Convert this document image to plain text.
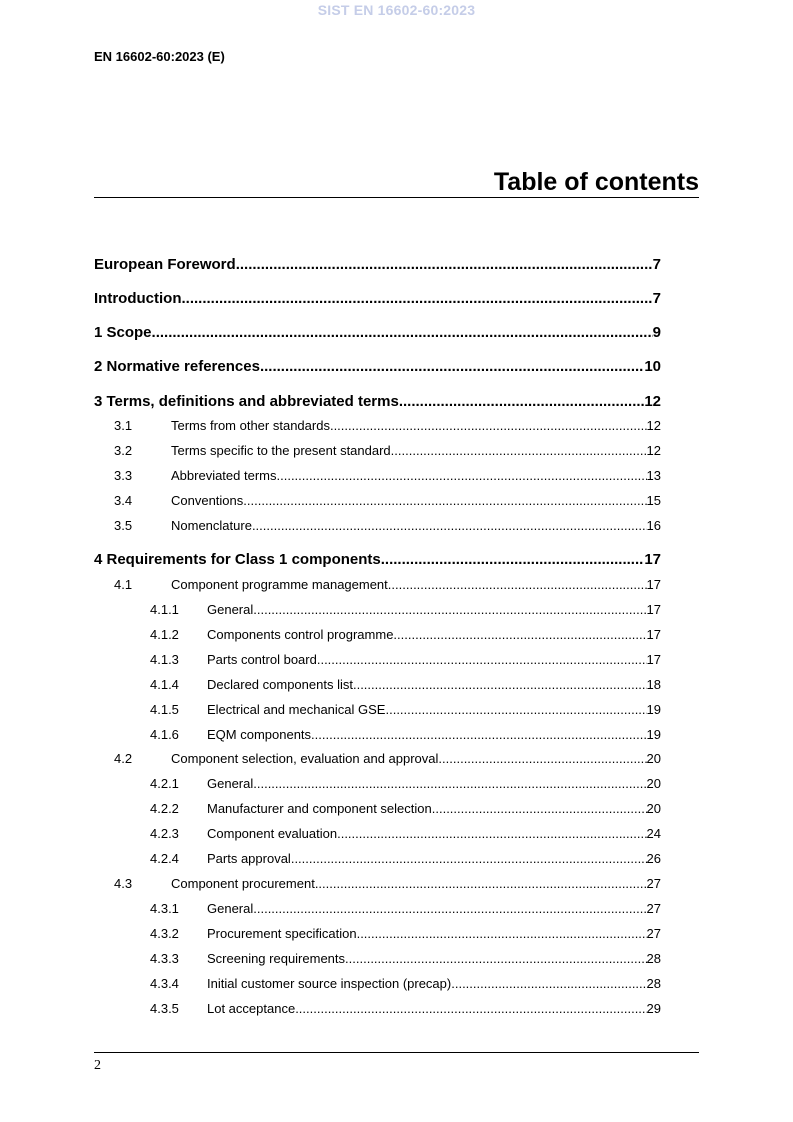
SIST EN 16602-60:2023
EN 16602-60:2023 (E)
Table of contents
European Foreword .....	7
Introduction .....	7
1 Scope .....	9
2 Normative references .....	10
3 Terms, definitions and abbreviated terms .....	12
3.1	Terms from other standards .....	12
3.2	Terms specific to the present standard .....	12
3.3	Abbreviated terms .....	13
3.4	Conventions .....	15
3.5	Nomenclature .....	16
4 Requirements for Class 1 components .....	17
4.1	Component programme management .....	17
4.1.1	General .....	17
4.1.2	Components control programme .....	17
4.1.3	Parts control board .....	17
4.1.4	Declared components list .....	18
4.1.5	Electrical and mechanical GSE .....	19
4.1.6	EQM components .....	19
4.2	Component selection, evaluation and approval .....	20
4.2.1	General .....	20
4.2.2	Manufacturer and component selection .....	20
4.2.3	Component evaluation .....	24
4.2.4	Parts approval .....	26
4.3	Component procurement .....	27
4.3.1	General .....	27
4.3.2	Procurement specification .....	27
4.3.3	Screening requirements .....	28
4.3.4	Initial customer source inspection (precap) .....	28
4.3.5	Lot acceptance .....	29
2
